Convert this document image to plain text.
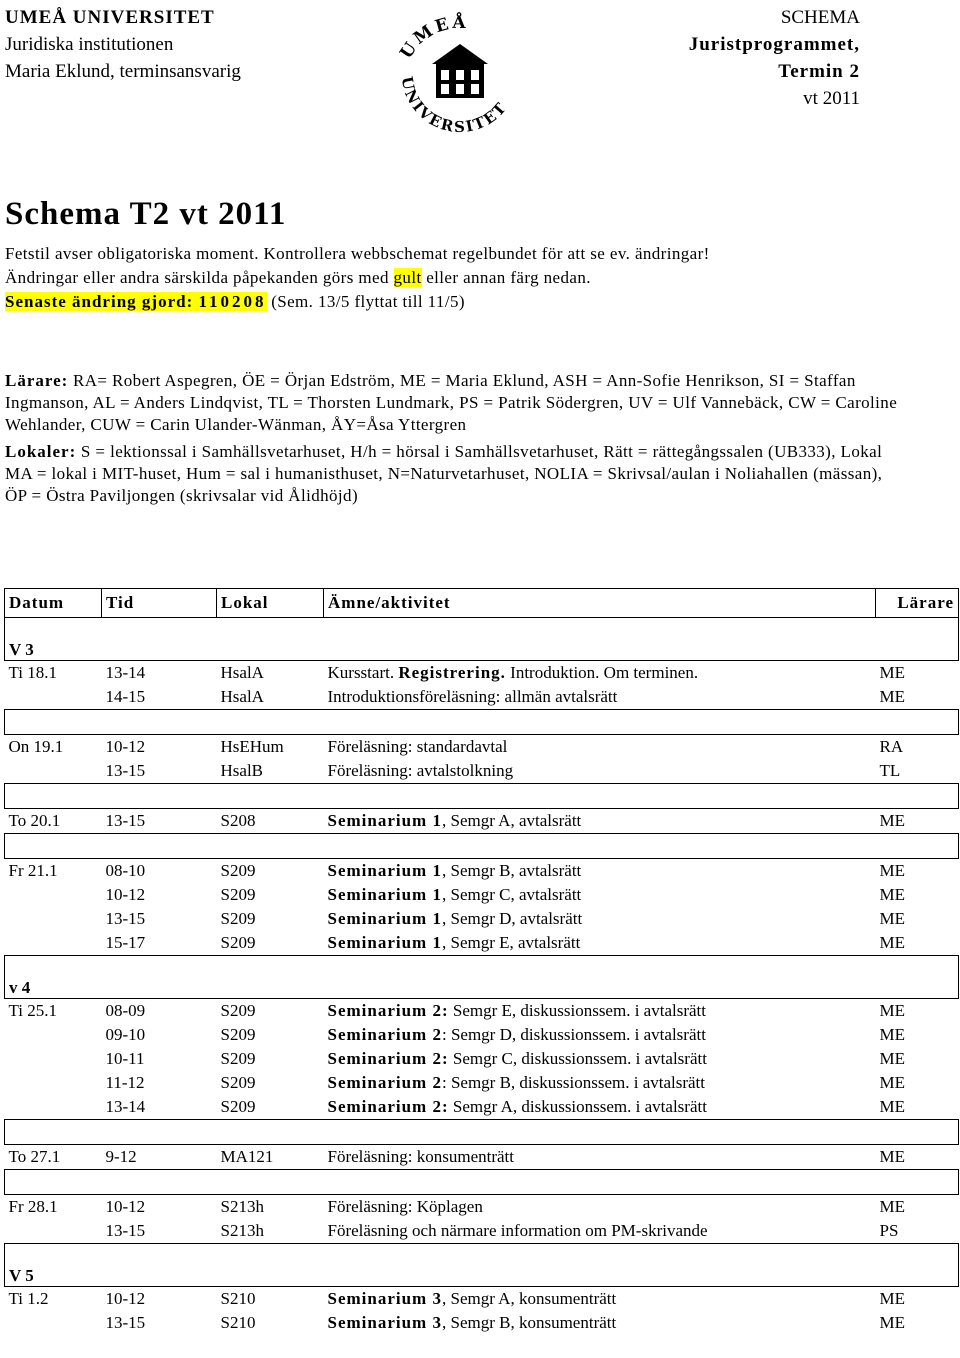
UMEÅ UNIVERSITET
Juridiska institutionen
Maria Eklund, terminsansvarig
UMEÅ
UNIVERSITET
SCHEMA
Juristprogrammet,
Termin 2
vt 2011
Schema T2 vt 2011
Fetstil avser obligatoriska moment. Kontrollera webbschemat regelbundet för att se ev. ändringar!
Ändringar eller andra särskilda påpekanden görs med gult eller annan färg nedan.
Senaste ändring gjord: 110208 (Sem. 13/5 flyttat till 11/5)

Lärare: RA= Robert Aspegren, ÖE = Örjan Edström, ME = Maria Eklund, ASH = Ann-Sofie Henrikson, SI = Staffan Ingmanson, AL = Anders Lindqvist, TL = Thorsten Lundmark, PS = Patrik Södergren, UV = Ulf Vannebäck, CW = Caroline Wehlander, CUW = Carin Ulander-Wänman, ÅY=Åsa Yttergren

Lokaler: S = lektionssal i Samhällsvetarhuset, H/h = hörsal i Samhällsvetarhuset, Rätt = rättegångssalen (UB333), Lokal MA = lokal i MIT-huset, Hum = sal i humanisthuset, N=Naturvetarhuset, NOLIA = Skrivsal/aulan i Noliahallen (mässan), ÖP = Östra Paviljongen (skrivsalar vid Ålidhöjd)

Datum	Tid	Lokal	Ämne/aktivitet	Lärare
V 3				
Ti 18.1	13-14	HsalA	Kursstart. Registrering. Introduktion. Om terminen.	ME
	14-15	HsalA	Introduktionsföreläsning: allmän avtalsrätt	ME

On 19.1	10-12	HsEHum	Föreläsning: standardavtal	RA
	13-15	HsalB	Föreläsning: avtalstolkning	TL

To 20.1	13-15	S208	Seminarium 1, Semgr A, avtalsrätt	ME

Fr 21.1	08-10	S209	Seminarium 1, Semgr B, avtalsrätt	ME
	10-12	S209	Seminarium 1, Semgr C, avtalsrätt	ME
	13-15	S209	Seminarium 1, Semgr D, avtalsrätt	ME
	15-17	S209	Seminarium 1, Semgr E, avtalsrätt	ME
v 4				
Ti 25.1	08-09	S209	Seminarium 2: Semgr E, diskussionssem. i avtalsrätt	ME
	09-10	S209	Seminarium 2: Semgr D, diskussionssem. i avtalsrätt	ME
	10-11	S209	Seminarium 2: Semgr C, diskussionssem. i avtalsrätt	ME
	11-12	S209	Seminarium 2: Semgr B, diskussionssem. i avtalsrätt	ME
	13-14	S209	Seminarium 2: Semgr A, diskussionssem. i avtalsrätt	ME

To 27.1	9-12	MA121	Föreläsning: konsumenträtt	ME

Fr 28.1	10-12	S213h	Föreläsning: Köplagen	ME
	13-15	S213h	Föreläsning och närmare information om PM-skrivande	PS
V 5				
Ti 1.2	10-12	S210	Seminarium 3, Semgr A, konsumenträtt	ME
	13-15	S210	Seminarium 3, Semgr B, konsumenträtt	ME
